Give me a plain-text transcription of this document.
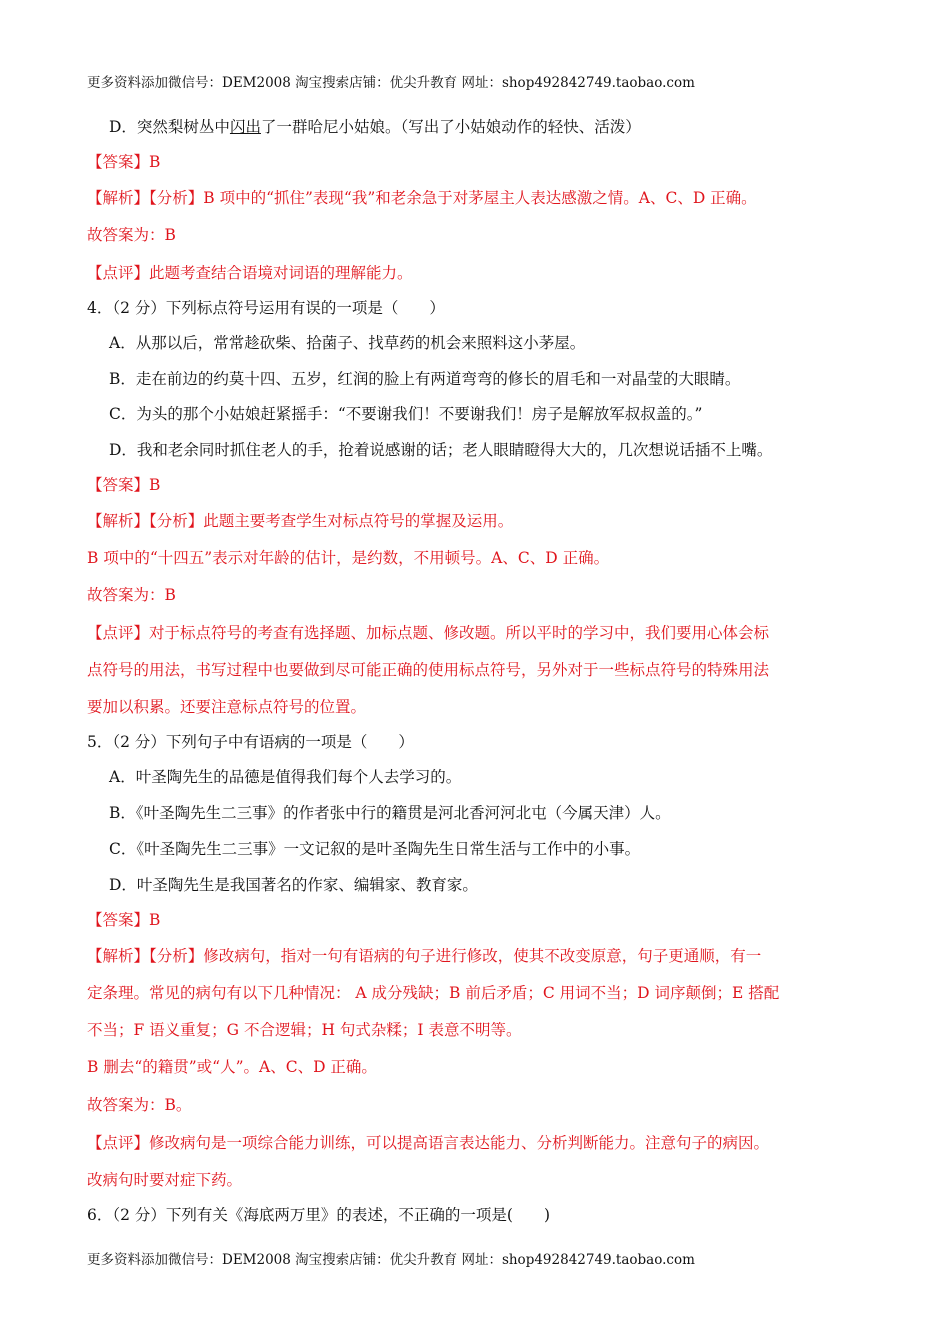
更多资料添加微信号：DEM2008 淘宝搜索店铺：优尖升教育 网址：shop492842749.taobao.com

D．突然梨树丛中闪出了一群哈尼小姑娘。（写出了小姑娘动作的轻快、活泼）

【答案】B

【解析】【分析】B 项中的“抓住”表现“我”和老余急于对茅屋主人表达感激之情。A、C、D 正确。

故答案为：B

【点评】此题考查结合语境对词语的理解能力。

4．（2 分）下列标点符号运用有误的一项是（　　）

A．从那以后，常常趁砍柴、拾菌子、找草药的机会来照料这小茅屋。

B．走在前边的约莫十四、五岁，红润的脸上有两道弯弯的修长的眉毛和一对晶莹的大眼睛。

C．为头的那个小姑娘赶紧摇手：“不要谢我们！不要谢我们！房子是解放军叔叔盖的。”

D．我和老余同时抓住老人的手，抢着说感谢的话；老人眼睛瞪得大大的，几次想说话插不上嘴。

【答案】B

【解析】【分析】此题主要考查学生对标点符号的掌握及运用。

B 项中的“十四五”表示对年龄的估计，是约数，不用顿号。A、C、D 正确。

故答案为：B

【点评】对于标点符号的考查有选择题、加标点题、修改题。所以平时的学习中，我们要用心体会标

点符号的用法，书写过程中也要做到尽可能正确的使用标点符号，另外对于一些标点符号的特殊用法

要加以积累。还要注意标点符号的位置。

5．（2 分）下列句子中有语病的一项是（　　）

A．叶圣陶先生的品德是值得我们每个人去学习的。

B．《叶圣陶先生二三事》的作者张中行的籍贯是河北香河河北屯（今属天津）人。

C．《叶圣陶先生二三事》一文记叙的是叶圣陶先生日常生活与工作中的小事。

D．叶圣陶先生是我国著名的作家、编辑家、教育家。

【答案】B

【解析】【分析】修改病句，指对一句有语病的句子进行修改，使其不改变原意，句子更通顺，有一

定条理。常见的病句有以下几种情况： A 成分残缺；B 前后矛盾；C 用词不当；D 词序颠倒；E 搭配

不当；F 语义重复；G 不合逻辑；H 句式杂糅；I 表意不明等。

B 删去“的籍贯”或“人”。A、C、D 正确。

故答案为：B。

【点评】修改病句是一项综合能力训练，可以提高语言表达能力、分析判断能力。注意句子的病因。

改病句时要对症下药。

6．（2 分）下列有关《海底两万里》的表述，不正确的一项是(　　)

更多资料添加微信号：DEM2008 淘宝搜索店铺：优尖升教育 网址：shop492842749.taobao.com
